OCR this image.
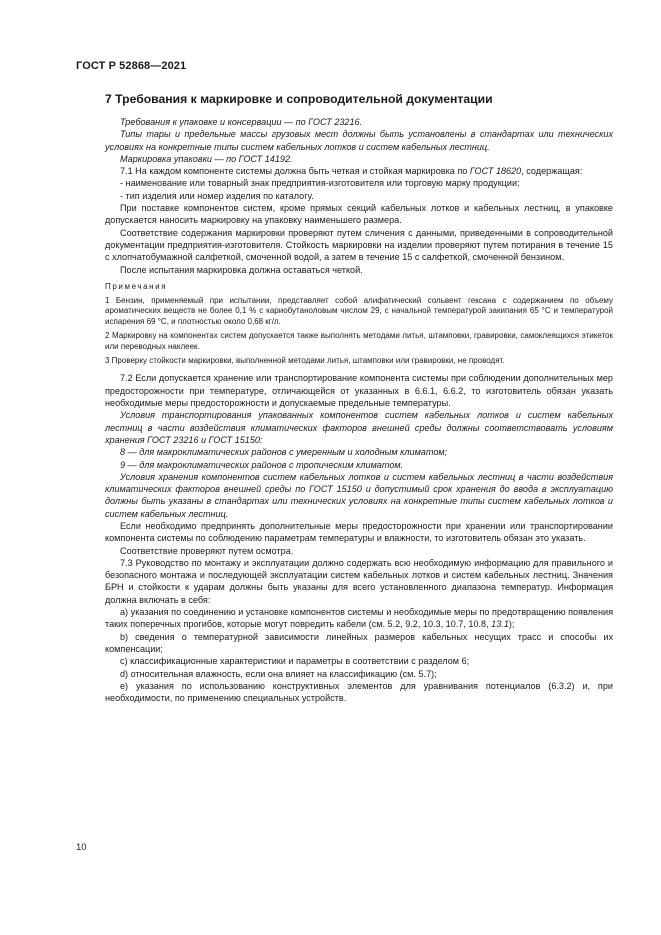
ГОСТ Р 52868—2021

7 Требования к маркировке и сопроводительной документации

Требования к упаковке и консервации — по ГОСТ 23216.

Типы тары и предельные массы грузовых мест должны быть установлены в стандартах или технических условиях на конкретные типы систем кабельных лотков и систем кабельных лестниц.

Маркировка упаковки — по ГОСТ 14192.

7.1 На каждом компоненте системы должна быть четкая и стойкая маркировка по ГОСТ 18620, содержащая:

- наименование или товарный знак предприятия-изготовителя или торговую марку продукции;

- тип изделия или номер изделия по каталогу.

При поставке компонентов систем, кроме прямых секций кабельных лотков и кабельных лестниц, в упаковке допускается наносить маркировку на упаковку наименьшего размера.

Соответствие содержания маркировки проверяют путем сличения с данными, приведенными в сопроводительной документации предприятия-изготовителя. Стойкость маркировки на изделии проверяют путем потирания в течение 15 с хлопчатобумажной салфеткой, смоченной водой, а затем в течение 15 с салфеткой, смоченной бензином.

После испытания маркировка должна оставаться четкой.

Примечания

1 Бензин, применяемый при испытании, представляет собой алифатический сольвент гексана с содержанием по объему ароматических веществ не более 0,1 % с кариобутаноловым числом 29, с начальной температурой закипания 65 °С и температурой испарения 69 °С, и плотностью около 0,68 кг/л.

2 Маркировку на компонентах систем допускается также выполнять методами литья, штамповки, гравировки, самоклеящихся этикеток или переводных наклеек.

3 Проверку стойкости маркировки, выполненной методами литья, штамповки или гравировки, не проводят.

7.2 Если допускается хранение или транспортирование компонента системы при соблюдении дополнительных мер предосторожности при температуре, отличающейся от указанных в 6.6.1, 6.6.2, то изготовитель обязан указать необходимые меры предосторожности и допускаемые предельные температуры.

Условия транспортирования упакованных компонентов систем кабельных лотков и систем кабельных лестниц в части воздействия климатических факторов внешней среды должны соответствовать условиям хранения ГОСТ 23216 и ГОСТ 15150:

8 — для макроклиматических районов с умеренным и холодным климатом;

9 — для макроклиматических районов с тропическим климатом.

Условия хранения компонентов систем кабельных лотков и систем кабельных лестниц в части воздействия климатических факторов внешней среды по ГОСТ 15150 и допустимый срок хранения до ввода в эксплуатацию должны быть указаны в стандартах или технических условиях на конкретные типы систем кабельных лотков и систем кабельных лестниц.

Если необходимо предпринять дополнительные меры предосторожности при хранении или транспортировании компонента системы по соблюдению параметрам температуры и влажности, то изготовитель обязан это указать.

Соответствие проверяют путем осмотра.

7.3 Руководство по монтажу и эксплуатации должно содержать всю необходимую информацию для правильного и безопасного монтажа и последующей эксплуатации систем кабельных лотков и систем кабельных лестниц. Значения БРН и стойкости к ударам должны быть указаны для всего установленного диапазона температур. Информация должна включать в себя:

а) указания по соединению и установке компонентов системы и необходимые меры по предотвращению появления таких поперечных прогибов, которые могут повредить кабели (см. 5.2, 9.2, 10.3, 10.7, 10.8, 13.1);

b) сведения о температурной зависимости линейных размеров кабельных несущих трасс и способы их компенсации;

c) классификационные характеристики и параметры в соответствии с разделом 6;

d) относительная влажность, если она влияет на классификацию (см. 5.7);

e) указания по использованию конструктивных элементов для уравнивания потенциалов (6.3.2) и, при необходимости, по применению специальных устройств.

10
